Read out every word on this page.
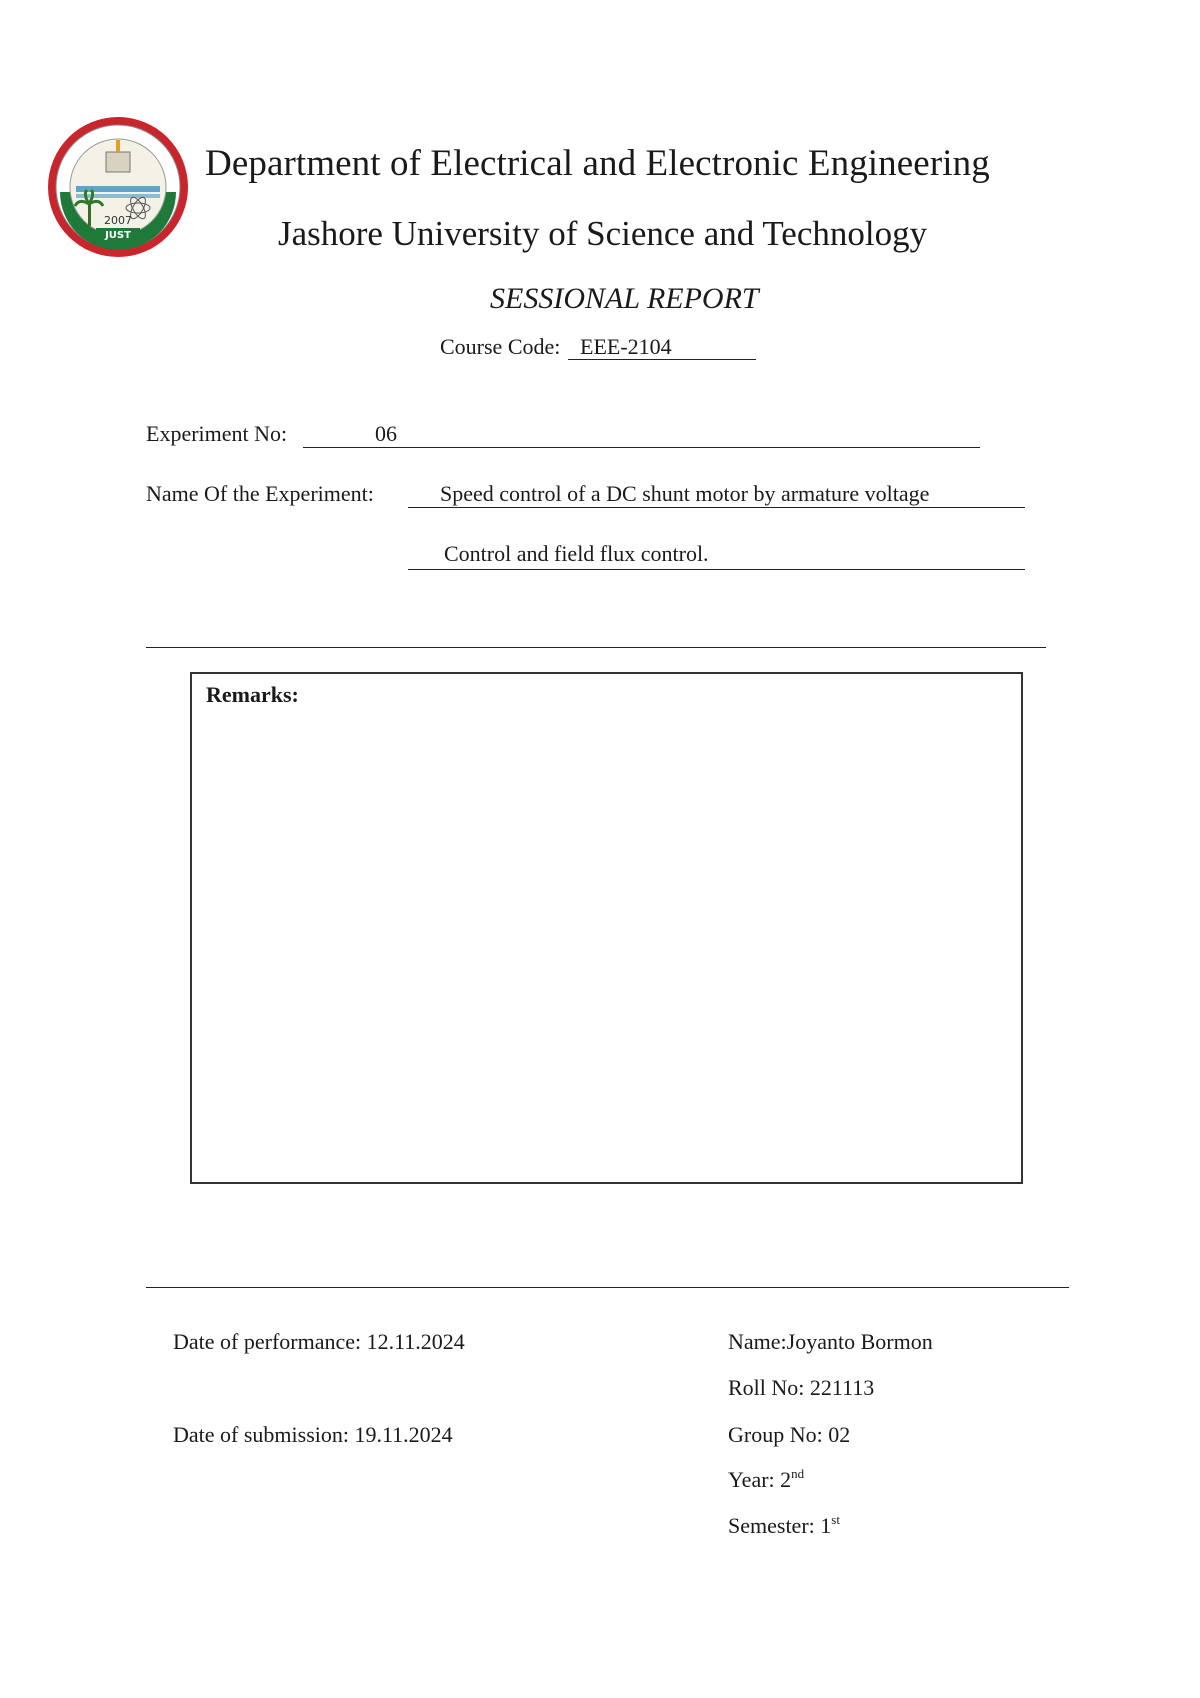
2007
JUST
Department of Electrical and Electronic Engineering
Jashore University of Science and Technology
SESSIONAL REPORT
Course Code: EEE-2104
Experiment No:	06
Name Of the Experiment:	Speed control of a DC shunt motor by armature voltage
Control and field flux control.
Remarks:
Date of performance: 12.11.2024
Date of submission: 19.11.2024
Name:Joyanto Bormon
Roll No: 221113
Group No: 02
Year: 2nd
Semester: 1st
